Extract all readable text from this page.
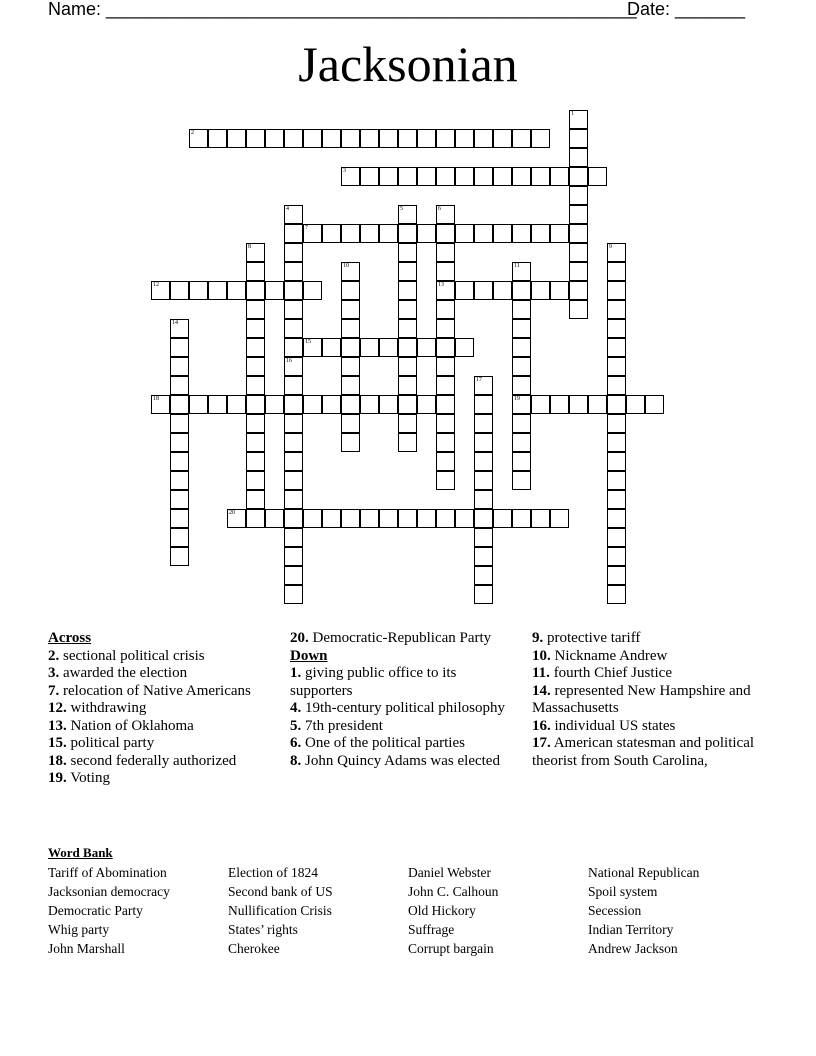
Name: _____________________________________________________
Date: _______
Jacksonian
1
2
3
4
16
5	6
13
7
8	9
10	11
19
12
14
15
17
18
20
Across
2. sectional political crisis
3. awarded the election
7. relocation of Native Americans
12. withdrawing
13. Nation of Oklahoma
15. political party
18. second federally authorized
19. Voting
20. Democratic-Republican Party
Down
1. giving public office to its supporters
4. 19th-century political philosophy
5. 7th president
6. One of the political parties
8. John Quincy Adams was elected
9. protective tariff
10. Nickname Andrew
11. fourth Chief Justice
14. represented New Hampshire and Massachusetts
16. individual US states
17. American statesman and political theorist from South Carolina,
Word Bank
Tariff of Abomination
Jacksonian democracy
Democratic Party
Whig party
John Marshall
Election of 1824
Second bank of US
Nullification Crisis
States’ rights
Cherokee
Daniel Webster
John C. Calhoun
Old Hickory
Suffrage
Corrupt bargain
National Republican
Spoil system
Secession
Indian Territory
Andrew Jackson
